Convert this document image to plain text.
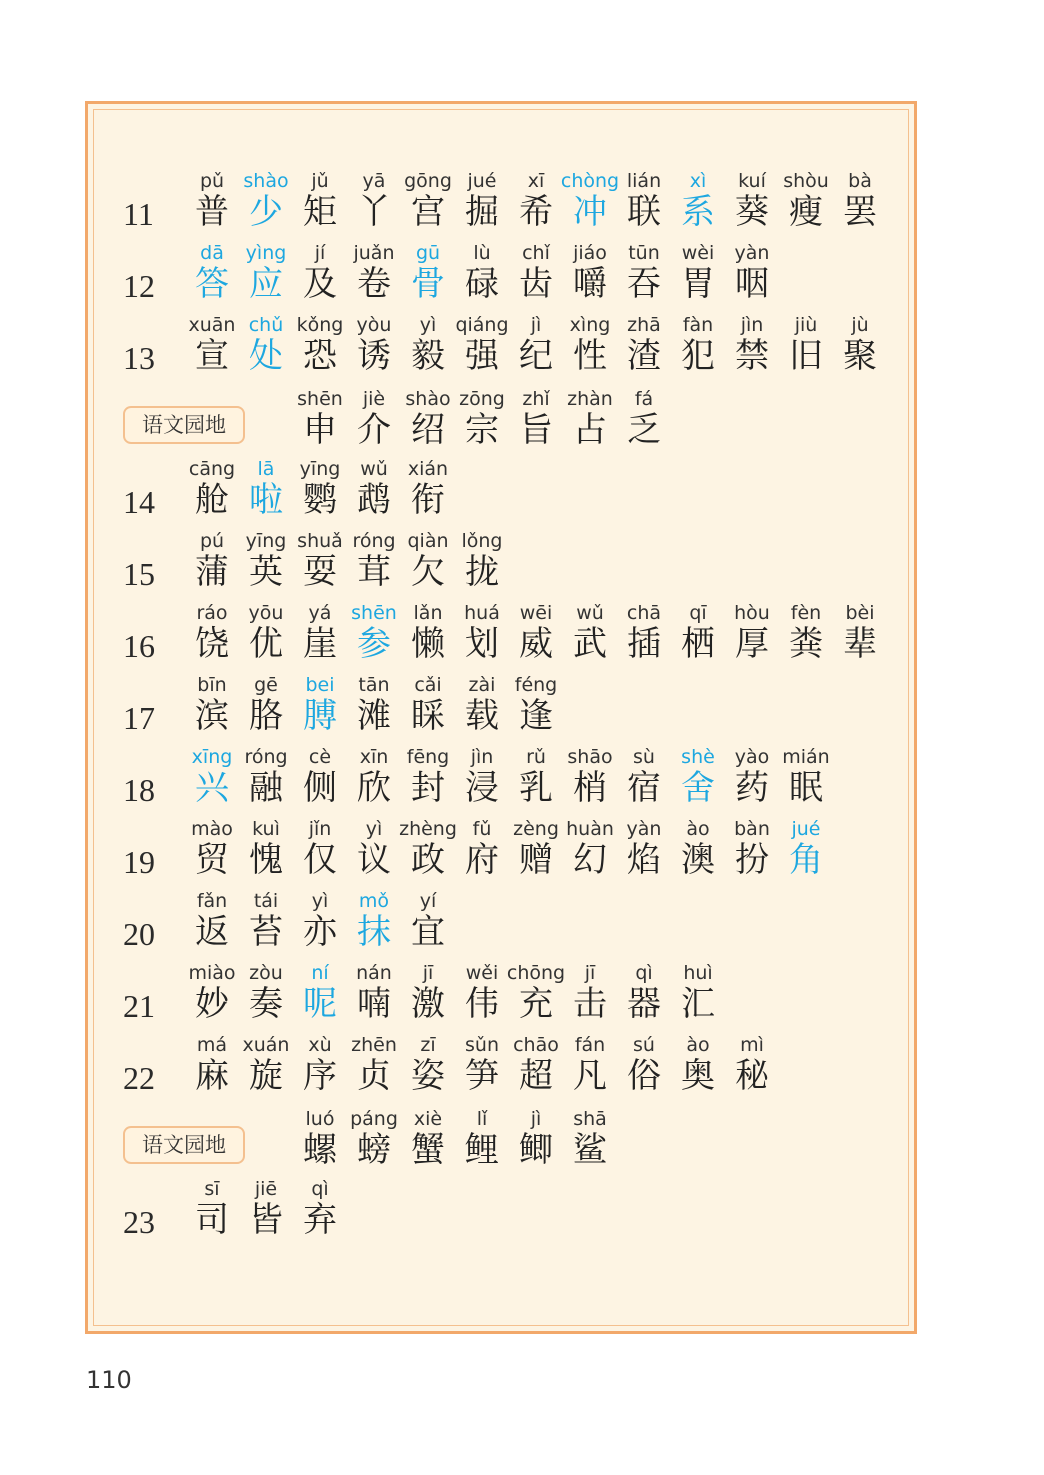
11
pǔ
普
shào
少
jǔ
矩
yā
丫
gōng
宫
jué
掘
xī
希
chòng
冲
lián
联
xì
系
kuí
葵
shòu
瘦
bà
罢
12
dā
答
yìng
应
jí
及
juǎn
卷
gū
骨
lù
碌
chǐ
齿
jiáo
嚼
tūn
吞
wèi
胃
yàn
咽
13
xuān
宣
chǔ
处
kǒng
恐
yòu
诱
yì
毅
qiáng
强
jì
纪
xìng
性
zhā
渣
fàn
犯
jìn
禁
jiù
旧
jù
聚
语文园地
shēn
申
jiè
介
shào
绍
zōng
宗
zhǐ
旨
zhàn
占
fá
乏
14
cāng
舱
lā
啦
yīng
鹦
wǔ
鹉
xián
衔
15
pú
蒲
yīng
英
shuǎ
耍
róng
茸
qiàn
欠
lǒng
拢
16
ráo
饶
yōu
优
yá
崖
shēn
参
lǎn
懒
huá
划
wēi
威
wǔ
武
chā
插
qī
栖
hòu
厚
fèn
粪
bèi
辈
17
bīn
滨
gē
胳
bei
膊
tān
滩
cǎi
睬
zài
载
féng
逢
18
xīng
兴
róng
融
cè
侧
xīn
欣
fēng
封
jìn
浸
rǔ
乳
shāo
梢
sù
宿
shè
舍
yào
药
mián
眠
19
mào
贸
kuì
愧
jǐn
仅
yì
议
zhèng
政
fǔ
府
zèng
赠
huàn
幻
yàn
焰
ào
澳
bàn
扮
jué
角
20
fǎn
返
tái
苔
yì
亦
mǒ
抹
yí
宜
21
miào
妙
zòu
奏
ní
呢
nán
喃
jī
激
wěi
伟
chōng
充
jī
击
qì
器
huì
汇
22
má
麻
xuán
旋
xù
序
zhēn
贞
zī
姿
sǔn
笋
chāo
超
fán
凡
sú
俗
ào
奥
mì
秘
语文园地
luó
螺
páng
螃
xiè
蟹
lǐ
鲤
jì
鲫
shā
鲨
23
sī
司
jiē
皆
qì
弃
110
